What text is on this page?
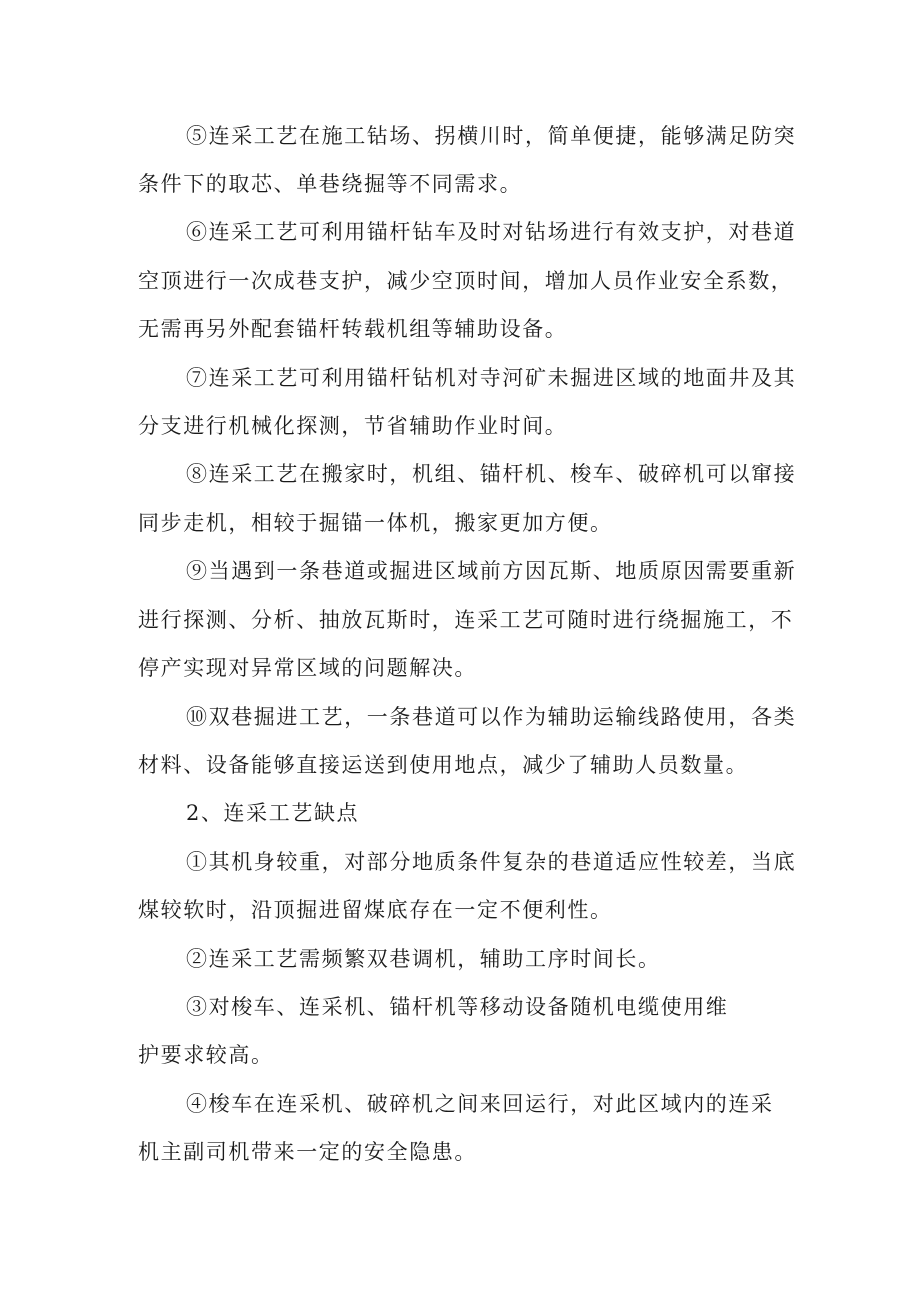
⑤连采工艺在施工钻场、拐横川时，简单便捷，能够满足防突
条件下的取芯、单巷绕掘等不同需求。
⑥连采工艺可利用锚杆钻车及时对钻场进行有效支护，对巷道
空顶进行一次成巷支护，减少空顶时间，增加人员作业安全系数，
无需再另外配套锚杆转载机组等辅助设备。
⑦连采工艺可利用锚杆钻机对寺河矿未掘进区域的地面井及其
分支进行机械化探测，节省辅助作业时间。
⑧连采工艺在搬家时，机组、锚杆机、梭车、破碎机可以窜接
同步走机，相较于掘锚一体机，搬家更加方便。
⑨当遇到一条巷道或掘进区域前方因瓦斯、地质原因需要重新
进行探测、分析、抽放瓦斯时，连采工艺可随时进行绕掘施工，不
停产实现对异常区域的问题解决。
⑩双巷掘进工艺，一条巷道可以作为辅助运输线路使用，各类
材料、设备能够直接运送到使用地点，减少了辅助人员数量。
2、连采工艺缺点
①其机身较重，对部分地质条件复杂的巷道适应性较差，当底
煤较软时，沿顶掘进留煤底存在一定不便利性。
②连采工艺需频繁双巷调机，辅助工序时间长。
③对梭车、连采机、锚杆机等移动设备随机电缆使用维
护要求较高。
④梭车在连采机、破碎机之间来回运行，对此区域内的连采
机主副司机带来一定的安全隐患。
